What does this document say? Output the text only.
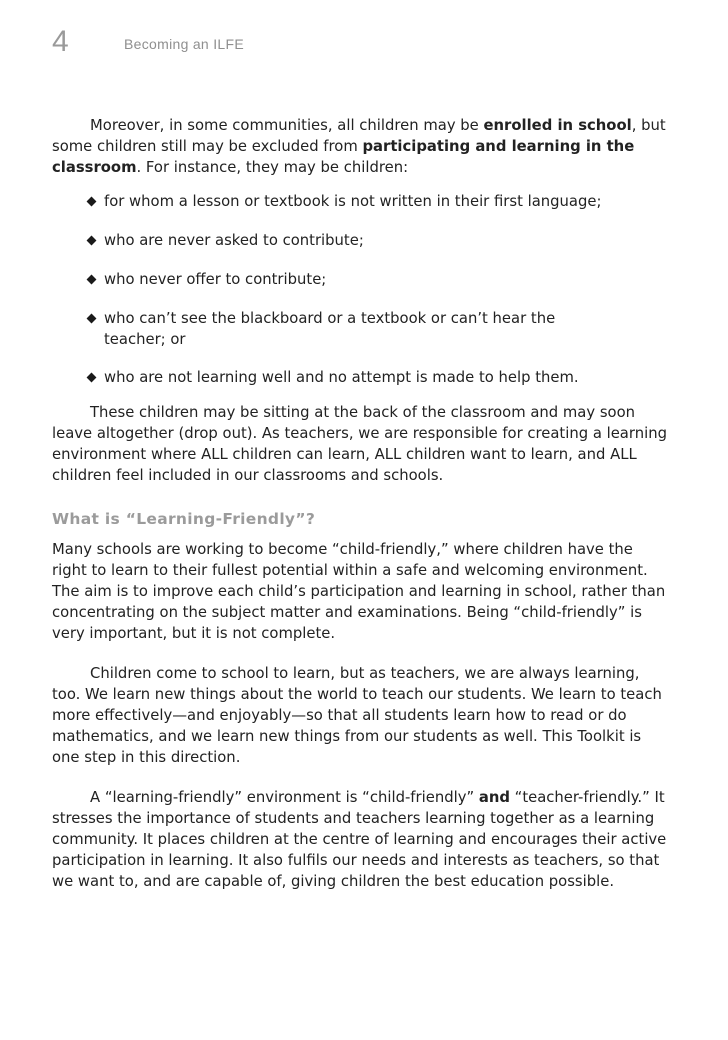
4	Becoming an ILFE

Moreover, in some communities, all children may be enrolled in school, but some children still may be excluded from participating and learning in the classroom. For instance, they may be children:

for whom a lesson or textbook is not written in their first language;
who are never asked to contribute;
who never offer to contribute;
who can’t see the blackboard or a textbook or can’t hear the teacher; or
who are not learning well and no attempt is made to help them.

These children may be sitting at the back of the classroom and may soon leave altogether (drop out). As teachers, we are responsible for creating a learning environment where ALL children can learn, ALL children want to learn, and ALL children feel included in our classrooms and schools.

What is “Learning-Friendly”?

Many schools are working to become “child-friendly,” where children have the right to learn to their fullest potential within a safe and welcoming environment. The aim is to improve each child’s participation and learning in school, rather than concentrating on the subject matter and examinations. Being “child-friendly” is very important, but it is not complete.

Children come to school to learn, but as teachers, we are always learning, too. We learn new things about the world to teach our students. We learn to teach more effectively—and enjoyably—so that all students learn how to read or do mathematics, and we learn new things from our students as well. This Toolkit is one step in this direction.

A “learning-friendly” environment is “child-friendly” and “teacher-friendly.” It stresses the importance of students and teachers learning together as a learning community. It places children at the centre of learning and encourages their active participation in learning. It also fulfils our needs and interests as teachers, so that we want to, and are capable of, giving children the best education possible.
